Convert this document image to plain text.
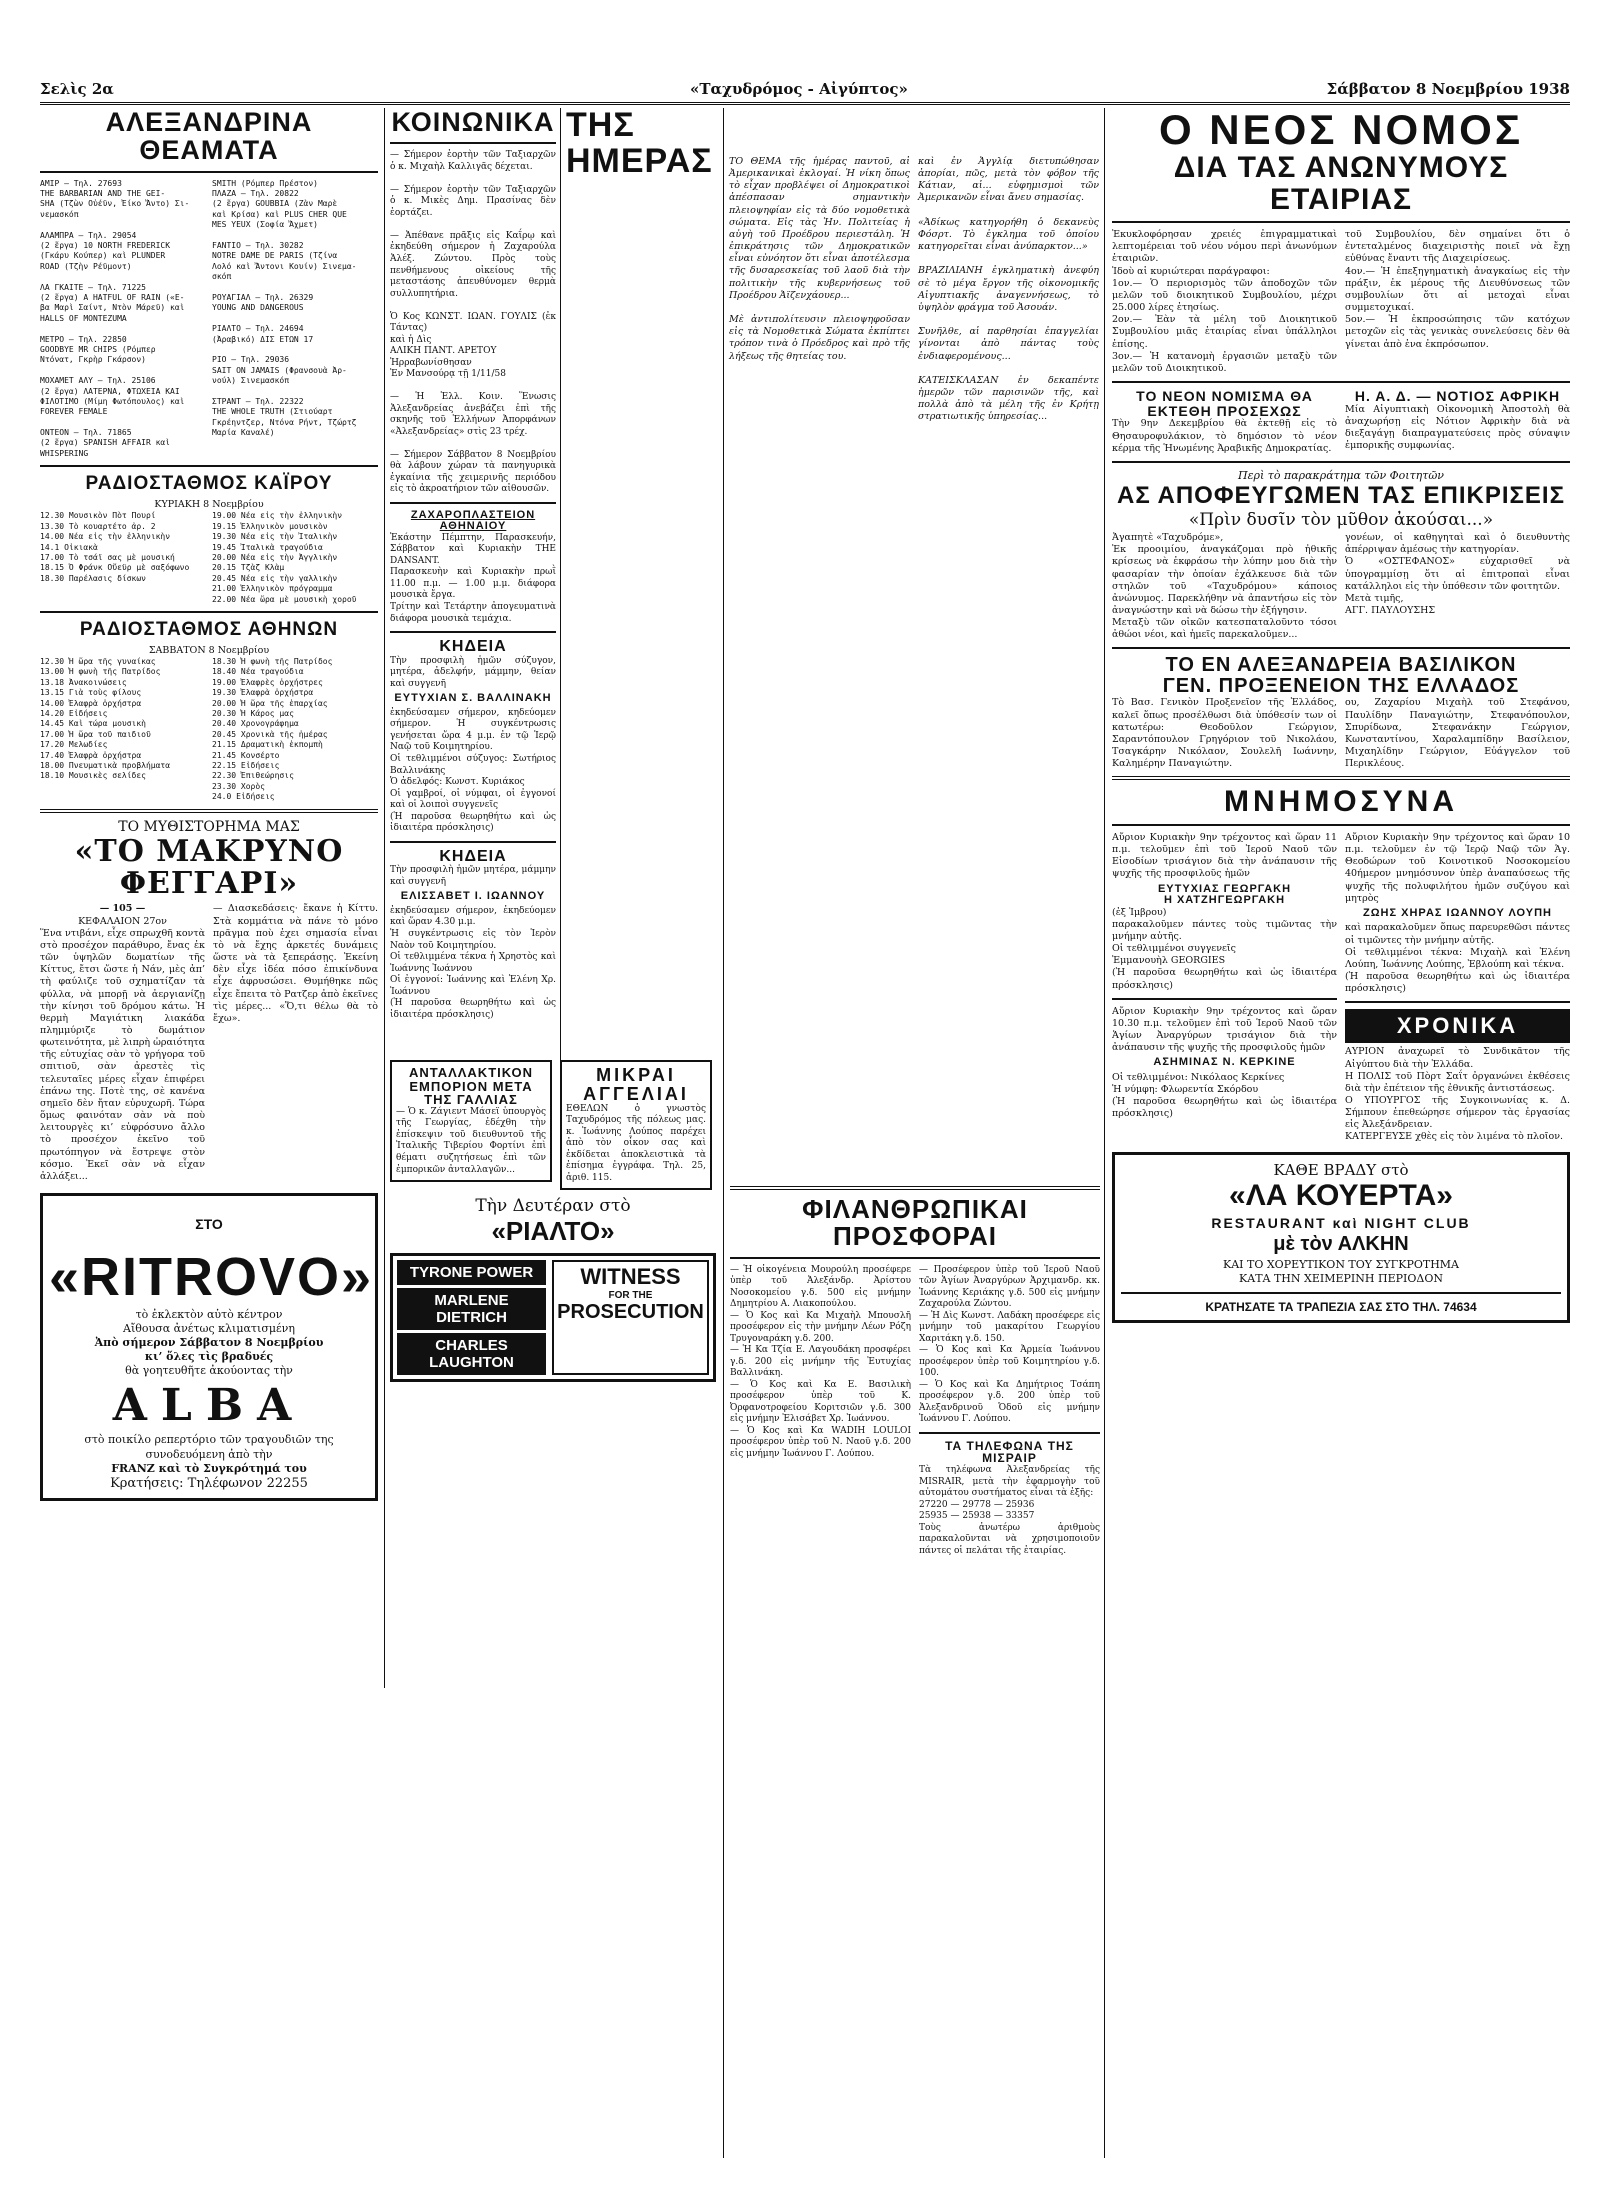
Σελὶς 2α	«Ταχυδρόμος - Αἰγύπτος»	Σάββατον 8 Νοεμβρίου 1938
ΑΛΕΞΑΝΔΡΙΝΑ ΘΕΑΜΑΤΑ

AMIP — Τηλ. 27693
THE BARBARIAN AND THE GEI-
SHA (Τζὼν Οὐέϋν, Ἐίκο Ἄντο) Σι-
νεμασκόπ

ΑΛΑΜΠΡΑ — Τηλ. 29054
(2 ἔργα) 10 NORTH FREDERICK
(Γκάρυ Κούπερ) καὶ PLUNDER
ROAD (Τζὴν Ρέϋμοντ)

ΛΑ ΓΚΑΙΤΕ — Τηλ. 71225
(2 ἔργα) A HATFUL OF RAIN («Ε-
βα Μαρὶ Σαίντ, Ντὸν Μάρεϋ) καὶ
HALLS OF MONTEZUMA

ΜΕΤΡΟ — Τηλ. 22850
GOODBYE MR CHIPS (Ρόμπερ
Ντόνατ, Γκρὴρ Γκάρσον)

ΜΟΧΑΜΕΤ ΑΛΥ — Τηλ. 25106
(2 ἔργα) ΛΑΤΕΡΝΑ, ΦΤΩΧΕΙΑ ΚΑΙ
ΦΙΛΟΤΙΜΟ (Μίμη Φωτόπουλος) καὶ
FOREVER FEMALE

ΟΝΤΕΟΝ — Τηλ. 71865
(2 ἔργα) SPANISH AFFAIR καὶ
WHISPERING

SMITH (Ρόμπερ Πρέστον)
ΠΛΑΖΑ — Τηλ. 20822
(2 ἔργα) GOUBBIA (Ζὰν Μαρὲ
καὶ Κρίσα) καὶ PLUS CHER QUE
MES YEUX (Σοφία Ἄχμετ)

FANTIO — Τηλ. 30282
NOTRE DAME DE PARIS (Τζίνα
Λολό καὶ Ἄντονι Κουίν) Σινεμα-
σκόπ

ΡΟΥΑΓΙΑΛ — Τηλ. 26329
YOUNG AND DANGEROUS

ΡΙΑΛΤΟ — Τηλ. 24694
(Ἀραβικό) ΔΙΣ ΕΤΩΝ 17

ΡΙΟ — Τηλ. 29036
SAIT ON JAMAIS (Φρανσουὰ Ἀρ-
νούλ) Σινεμασκόπ

ΣΤΡΑΝΤ — Τηλ. 22322
THE WHOLE TRUTH (Στιούαρτ
Γκρέηντζερ, Ντόνα Ρήντ, Τζώρτζ
Μαρία Καναλέ)

ΡΑΔΙΟΣΤΑΘΜΟΣ ΚΑΪΡΟΥ

ΚΥΡΙΑΚΗ 8 Νοεμβρίου

12.30 Μουσικὸν Πὸτ Πουρί
13.30 Τὸ κουαρτέτο ἀρ. 2
14.00 Νέα εἰς τὴν ἑλληνικὴν
14.1 Οἰκιακὰ
17.00 Τὸ τσάϊ σας μὲ μουσική
18.15 Ὀ Φράνκ Οὔεϋρ μὲ σαξόφωνο
18.30 Παρέλασις δίσκων

19.00 Νέα εἰς τὴν ἑλληνικὴν
19.15 Ἑλληνικὸν μουσικὸν
19.30 Νέα εἰς τὴν Ἰταλικὴν
19.45 Ἰταλικὰ τραγούδια
20.00 Νέα εἰς τὴν Ἀγγλικὴν
20.15 Τζὰζ Κλὰμ
20.45 Νέα εἰς τὴν γαλλικὴν
21.00 Ἑλληνικὸν πρόγραμμα
22.00 Νέα ὥρα μὲ μουσικὴ χοροῦ

ΡΑΔΙΟΣΤΑΘΜΟΣ ΑΘΗΝΩΝ

ΣΑΒΒΑΤΟΝ 8 Νοεμβρίου

12.30 Ἡ ὥρα τῆς γυναίκας
13.00 Ἡ φωνὴ τῆς Πατρίδος
13.18 Ἀνακοινώσεις
13.15 Γιὰ τοὺς φίλους
14.00 Ἐλαφρὰ ὀρχήστρα
14.20 Εἰδήσεις
14.45 Καὶ τώρα μουσικὴ
17.00 Ἡ ὥρα τοῦ παιδιοῦ
17.20 Μελωδίες
17.40 Ἐλαφρὰ ὀρχήστρα
18.00 Πνευματικὰ προβλήματα
18.10 Μουσικὲς σελίδες

18.30 Ἡ φωνὴ τῆς Πατρίδος
18.40 Νέα τραγούδια
19.00 Ἐλαφρὲς ὀρχήστρες
19.30 Ἐλαφρὰ ὀρχήστρα
20.00 Ἡ ὥρα τῆς ἐπαρχίας
20.30 Ἡ Κάρος μας
20.40 Χρονογράφημα
20.45 Χρονικὰ τῆς ἡμέρας
21.15 Δραματικὴ ἐκπομπὴ
21.45 Κονσέρτο
22.15 Εἰδήσεις
22.30 Ἐπιθεώρησις
23.30 Χορὸς
24.0 Εἰδήσεις

ΤΟ ΜΥΘΙΣΤΟΡΗΜΑ ΜΑΣ

«ΤΟ ΜΑΚΡΥΝΟ ΦΕΓΓΑΡΙ»

— 105 —

ΚΕΦΑΛΑΙΟΝ 27ον

Ἕνα ντιβάνι, εἶχε σπρωχθῆ κοντὰ στὸ προσέχον παράθυρο, ἔνας ἐκ τῶν ὑψηλῶν δωματίων τῆς Κίττυς, ἔτσι ὥστε ἡ Νάν, μὲς ἀπ’ τὴ φαύλιζε τοῦ σχηματίζαν τὰ φύλλα, νὰ μπορῇ νὰ ἀεργιανίζῃ τὴν κίνησι τοῦ δρόμου κάτω. Ἡ θερμὴ Μαγιάτικη λιακάδα πλημμύριζε τὸ δωμάτιον φωτεινότητα, μὲ λιπρὴ ὠραιότητα τῆς εὐτυχίας σὰν τὸ γρήγορα τοῦ σπιτιοῦ, σὰν ἀρεστὲς τὶς τελευταῖες μέρες εἶχαν ἐπιφέρει ἐπάνω της. Ποτὲ της, σὲ κανένα σημεῖο δὲν ἤταν εὐρυχωρῆ. Τώρα ὅμως φαινόταν σὰν νὰ ποὺ λειτουργὲς κι’ εὐφρόσυνο ἄλλο τὸ προσέχον ἐκεῖνο τοῦ πρωτόπηγον νὰ ἔστρεψε στὸν κόσμο. Ἐκεῖ σὰν νὰ εἶχαν ἀλλάξει...

— Διασκεδάσεις· ἔκανε ἡ Κίττυ. Στὰ κομμάτια νὰ πάνε τὸ μόνο πρᾶγμα ποὺ ἐχει σημασία εἶναι τὸ νὰ ἔχης ἀρκετές δυνάμεις ὥστε νὰ τὰ ξεπεράσῃς. Ἐκείνη δὲν εἶχε ἰδέα πόσο ἐπικίνδυνα εἶχε ἀφρυσώσει. Θυμήθηκε πῶς εἶχε ἔπειτα τὸ Ρατζερ ἀπὸ ἐκεῖνες τὶς μέρες... «Ὅ,τι θέλω θὰ τὸ ἔχω».

ΣΤΟ

«RITROVO»

τὸ ἐκλεκτὸν αὐτὸ κέντρον
Αἴθουσα ἀνέτως κλιματισμένη

Ἀπὸ σήμερον Σάββατον 8 Νοεμβρίου
κι’ ὅλες τὶς βραδυές

θὰ γοητευθῆτε ἀκούοντας τὴν

ALBA

στὸ ποικίλο ρεπερτόριο τῶν τραγουδιῶν της
συνοδευόμενη ἀπὸ τὴν

FRANZ καὶ τὸ Συγκρότημά του

Κρατήσεις: Τηλέφωνον 22255

ΚΟΙΝΩΝΙΚΑ

— Σήμερον ἑορτὴν τῶν Ταξιαρχῶν ὁ κ. Μιχαὴλ Καλλιγᾶς δέχεται.

— Σήμερον ἑορτὴν τῶν Ταξιαρχῶν ὁ κ. Μικὲς Δημ. Πρασίνας δὲν ἑορτάζει.

— Ἀπέθανε πρᾶξις εἰς Καΐρῳ καὶ ἐκηδεύθη σήμερον ἡ Ζαχαρούλα Ἀλέξ. Ζώντου. Πρὸς τοὺς πενθήμενους οἰκείους τῆς μεταστάσης ἀπευθύνομεν θερμὰ συλλυπητήρια.

Ὁ Κος ΚΩΝΣΤ. ΙΩΑΝ. ΓΟΥΛΙΣ (ἐκ Τάντας)
καὶ ἡ Δὶς
ΑΛΙΚΗ ΠΑΝΤ. ΑΡΕΤΟΥ
Ἡρραβωνίσθησαν
Ἐν Μανσούρᾳ τῇ 1/11/58

— Ἡ Ἑλλ. Κοιν. Ἕνωσις Ἀλεξανδρείας ἀνεβάζει ἐπὶ τῆς σκηνῆς τοῦ Ἑλλήνων Ἀπορφάνων «Ἀλεξανδρείας» στὶς 23 τρέχ.

— Σήμερον Σάββατον 8 Νοεμβρίου θὰ λάβουν χώραν τὰ πανηγυρικὰ ἐγκαίνια τῆς χειμερινῆς περιόδου εἰς τὸ ἀκροατήριον τῶν αἰθουσῶν.

ΖΑΧΑΡΟΠΛΑΣΤΕΙΟΝ ΑΘΗΝΑΙΟΥ

Ἑκάστην Πέμπτην, Παρασκευήν, Σάββατον καὶ Κυριακὴν THE DANSANT.
Παρασκευὴν καὶ Κυριακὴν πρωῒ 11.00 π.μ. — 1.00 μ.μ. διάφορα μουσικὰ ἔργα.
Τρίτην καὶ Τετάρτην ἀπογευματινὰ διάφορα μουσικὰ τεμάχια.

ΚΗΔΕΙΑ

Τὴν προσφιλὴ ἡμῶν σύζυγον, μητέρα, ἀδελφήν, μάμμην, θείαν καὶ συγγενῆ

ΕΥΤΥΧΙΑΝ Σ. ΒΑΛΛΙΝΑΚΗ

ἐκηδεύσαμεν σήμερον, κηδεύομεν σήμερον. Ἡ συγκέντρωσις γενήσεται ὥρα 4 μ.μ. ἐν τῷ Ἱερῷ Ναῷ τοῦ Κοιμητηρίου.
Οἱ τεθλιμμένοι σύζυγος: Σωτήριος Βαλλινάκης
Ὁ ἀδελφός: Κωνστ. Κυριάκος
Οἱ γαμβροί, οἱ νύμφαι, οἱ ἐγγονοί καὶ οἱ λοιποὶ συγγενεῖς
(Ἡ παροῦσα θεωρηθήτω καὶ ὡς ἰδιαιτέρα πρόσκλησις)

ΚΗΔΕΙΑ

Τὴν προσφιλὴ ἡμῶν μητέρα, μάμμην καὶ συγγενῆ

ΕΛΙΣΣΑΒΕΤ Ι. ΙΩΑΝΝΟΥ

ἐκηδεύσαμεν σήμερον, ἐκηδεύομεν καὶ ὥραν 4.30 μ.μ.
Ἡ συγκέντρωσις εἰς τὸν Ἱερὸν Ναὸν τοῦ Κοιμητηρίου.
Οἱ τεθλιμμένα τέκνα ἡ Χρηστὸς καὶ Ἰωάννης Ἰωάννου
Οἱ ἐγγονοί: Ἰωάννης καὶ Ἑλένη Χρ. Ἰωάννου
(Ἡ παροῦσα θεωρηθήτω καὶ ὡς ἰδιαιτέρα πρόσκλησις)

ΤΗΣ ΗΜΕΡΑΣ	ΤΟ ΘΕΜΑ τῆς ἡμέρας παντοῦ, αἱ Ἀμερικανικαὶ ἐκλογαί. Ἡ νίκη ὅπως τὸ εἶχαν προβλέψει οἱ Δημοκρατικοὶ ἀπέσπασαν σημαντικὴν πλειοψηφίαν εἰς τὰ δύο νομοθετικὰ σώματα. Εἰς τὰς Ἡν. Πολιτείας ἡ αὐγὴ τοῦ Προέδρου περιεστάλη. Ἡ ἐπικράτησις τῶν Δημοκρατικῶν εἶναι εὐνόητον ὅτι εἶναι ἀποτέλεσμα τῆς δυσαρεσκείας τοῦ λαοῦ διὰ τὴν πολιτικὴν τῆς κυβερνήσεως τοῦ Προέδρου Ἀϊζενχάουερ...

Μὲ ἀντιπολίτευσιν πλειοψηφοῦσαν εἰς τὰ Νομοθετικὰ Σώματα ἐκπίπτει τρόπον τινὰ ὁ Πρόεδρος καὶ πρὸ τῆς λήξεως τῆς θητείας του.

καὶ ἐν Ἀγγλίᾳ διετυπώθησαν ἀπορίαι, πῶς, μετὰ τὸν φόβον τῆς Κάτιαν, αἱ... εὐφημισμοὶ τῶν Ἀμερικανῶν εἶναι ἄνευ σημασίας.

«Ἀδίκως κατηγορήθη ὁ δεκανεὺς Φόσρτ. Τὸ ἐγκλημα τοῦ ὁποίου κατηγορεῖται εἶναι ἀνύπαρκτον...»

ΒΡΑΖΙΛΙΑΝΗ ἐγκληματικὴ ἀνεφύη σὲ τὸ μέγα ἔργον τῆς οἰκονομικῆς Αἰγυπτιακῆς ἀναγεννήσεως, τὸ ὑψηλὸν φράγμα τοῦ Ἀσουάν.

Συνῆλθε, αἱ παρθησίαι ἐπαγγελίαι γίνονται ἀπὸ πάντας τοὺς ἐνδιαφερομένους...

ΚΑΤΕΙΣΚΛΑΣΑΝ ἐν δεκαπέντε ἡμερῶν τῶν παρισινῶν τῆς, καὶ πολλὰ ἀπὸ τὰ μέλη τῆς ἐν Κρήτῃ στρατιωτικῆς ὑπηρεσίας...

ΑΝΤΑΛΛΑΚΤΙΚΟΝ ΕΜΠΟΡΙΟΝ ΜΕΤΑ ΤΗΣ ΓΑΛΛΙΑΣ

— Ὁ κ. Ζάγιεντ Μάσεϊ ὑπουργὸς τῆς Γεωργίας, ἐδέχθη τὴν ἐπίσκεψιν τοῦ διευθυντοῦ τῆς Ἰταλικῆς Τιβερίου Φορτίνι ἐπὶ θέματι συζητήσεως ἐπὶ τῶν ἐμπορικῶν ἀνταλλαγῶν...

ΜΙΚΡΑΙ ΑΓΓΕΛΙΑΙ

ΕΘΕΛΩΝ ὁ γνωστὸς Ταχυδρόμος τῆς πόλεως μας. κ. Ἰωάννης Λούπος παρέχει ἀπὸ τὸν οἶκον σας καὶ ἐκδίδεται ἀποκλειστικὰ τὰ ἐπίσημα ἐγγράφα. Τηλ. 25, ἀριθ. 115.

Τὴν Δευτέραν στὸ

«ΡΙΑΛΤΟ»

TYRONE POWER
MARLENE DIETRICH
CHARLES LAUGHTON
WITNESS
FOR THE
PROSECUTION
ΦΙΛΑΝΘΡΩΠΙΚΑΙ ΠΡΟΣΦΟΡΑΙ

— Ἡ οἰκογένεια Μουρούλη προσέφερε ὑπὲρ τοῦ Ἀλεξάνδρ. Ἀρίστου Νοσοκομείου γ.δ. 500 εἰς μνήμην Δημητρίου Α. Λιακοπούλου.
— Ὁ Κος καὶ Κα Μιχαὴλ Μπουσλῆ προσέφερον εἰς τὴν μνήμην Λέων Ρόζη Τρυγοναράκη γ.δ. 200.
— Ἡ Κα Τζία Ε. Λαγουδάκη προσφέρει γ.δ. 200 εἰς μνήμην τῆς Ἐυτυχίας Βαλλινάκη.
— Ὁ Κος καὶ Κα Ε. Βασιλικὴ προσέφερον ὑπὲρ τοῦ Κ. Ὀρφανοτροφείου Κοριτσιῶν γ.δ. 300 εἰς μνήμην Ἐλισάβετ Χρ. Ἰωάννου.
— Ὁ Κος καὶ Κα WADIH LOULOI προσέφερον ὑπὲρ τοῦ Ν. Ναοῦ γ.δ. 200 εἰς μνήμην Ἰωάννου Γ. Λούπου.

— Προσέφερον ὑπὲρ τοῦ Ἱεροῦ Ναοῦ τῶν Ἁγίων Ἀναργύρων Ἀρχιμανδρ. κκ. Ἰωάννης Κεριάκης γ.δ. 500 εἰς μνήμην Ζαχαρούλα Ζώντου.
— Ἡ Δὶς Κωνστ. Λαδάκη προσέφερε εἰς μνήμην τοῦ μακαρίτου Γεωργίου Χαριτάκη γ.δ. 150.
— Ὁ Κος καὶ Κα Ἀρμεία Ἰωάννου προσέφερον ὑπὲρ τοῦ Κοιμητηρίου γ.δ. 100.
— Ὁ Κος καὶ Κα Δημήτριος Τσάπη προσέφερον γ.δ. 200 ὑπὲρ τοῦ Ἀλεξανδρινοῦ Ὁδοῦ εἰς μνήμην Ἰωάννου Γ. Λούπου.

ΤΑ ΤΗΛΕΦΩΝΑ ΤΗΣ ΜΙΣΡΑΙΡ

Τὰ τηλέφωνα Ἀλεξανδρείας τῆς MISRAIR, μετὰ τὴν ἐφαρμογὴν τοῦ αὐτομάτου συστήματος εἶναι τὰ ἑξῆς:
27220 — 29778 — 25936
25935 — 25938 — 33357
Τοὺς ἀνωτέρω ἀριθμοὺς παρακαλοῦνται νὰ χρησιμοποιοῦν πάντες οἱ πελάται τῆς ἑταιρίας.

Ο ΝΕΟΣ ΝΟΜΟΣ
ΔΙΑ ΤΑΣ ΑΝΩΝΥΜΟΥΣ ΕΤΑΙΡΙΑΣ

Ἐκυκλοφόρησαν χρειές ἐπιγραμματικαὶ λεπτομέρειαι τοῦ νέου νόμου περὶ ἀνωνύμων ἑταιριῶν.
Ἰδοὺ αἱ κυριώτεραι παράγραφοι:
1ον.— Ὁ περιορισμὸς τῶν ἀποδοχῶν τῶν μελῶν τοῦ διοικητικοῦ Συμβουλίου, μέχρι 25.000 λίρες ἐτησίως.
2ον.— Ἐὰν τὰ μέλη τοῦ Διοικητικοῦ Συμβουλίου μιᾶς ἑταιρίας εἶναι ὑπάλληλοι ἐπίσης.
3ον.— Ἡ κατανομὴ ἐργασιῶν μεταξὺ τῶν μελῶν τοῦ Διοικητικοῦ.

τοῦ Συμβουλίου, δὲν σημαίνει ὅτι ὁ ἐντεταλμένος διαχειριστὴς ποιεῖ νὰ ἔχῃ εὐθύνας ἔναντι τῆς Διαχειρίσεως.
4ον.— Ἡ ἐπεξηγηματικὴ ἀναγκαίως εἰς τὴν πράξιν, ἐκ μέρους τῆς Διευθύνσεως τῶν συμβουλίων ὅτι αἱ μετοχαὶ εἶναι συμμετοχικαί.
5ον.— Ἡ ἐκπροσώπησις τῶν κατόχων μετοχῶν εἰς τὰς γενικὰς συνελεύσεις δὲν θὰ γίνεται ἀπὸ ἑνα ἐκπρόσωπον.

ΤΟ ΝΕΟΝ ΝΟΜΙΣΜΑ ΘΑ ΕΚΤΕΘΗ ΠΡΟΣΕΧΩΣ

Τὴν 9ην Δεκεμβρίου θὰ ἐκτεθῇ εἰς τὸ Θησαυροφυλάκιον, τὸ δημόσιον τὸ νέον κέρμα τῆς Ἡνωμένης Ἀραβικῆς Δημοκρατίας.

Η. Α. Δ. — ΝΟΤΙΟΣ ΑΦΡΙΚΗ

Μία Αἰγυπτιακὴ Οἰκονομικὴ Ἀποστολὴ θὰ ἀναχωρήσῃ εἰς Νότιον Ἀφρικὴν διὰ νὰ διεξαγάγῃ διαπραγματεύσεις πρὸς σύναψιν ἐμπορικῆς συμφωνίας.

Περὶ τὸ παρακράτημα τῶν Φοιτητῶν

ΑΣ ΑΠΟΦΕΥΓΩΜΕΝ ΤΑΣ ΕΠΙΚΡΙΣΕΙΣ

«Πρὶν δυσῖν τὸν μῦθον ἀκούσαι...»

Ἀγαπητὲ «Ταχυδρόμε»,
Ἐκ προοιμίου, ἀναγκάζομαι πρὸ ἠθικῆς κρίσεως νὰ ἐκφράσω τὴν λύπην μου διὰ τὴν φασαρίαν τὴν ὁποίαν ἐχάλκευσε διὰ τῶν στηλῶν τοῦ «Ταχυδρόμου» κάποιος ἀνώνυμος. Παρεκλήθην νὰ ἀπαντήσω εἰς τὸν ἀναγνώστην καὶ νὰ δώσω τὴν ἐξήγησιν.
Μεταξὺ τῶν οἰκῶν κατεσπαταλοῦντο τόσοι ἀθώοι νέοι, καὶ ἡμεῖς παρεκαλοῦμεν...

γονέων, οἱ καθηγηταὶ καὶ ὁ διευθυντὴς ἀπέρριψαν ἀμέσως τὴν κατηγορίαν.
Ὁ «ΟΣΤΕΦΑΝΟΣ» εὐχαρισθεῖ νὰ ὑπογραμμίσῃ ὅτι αἱ ἐπιτροπαὶ εἶναι κατάλληλοι εἰς τὴν ὑπόθεσιν τῶν φοιτητῶν.
Μετὰ τιμῆς,
ΑΓΓ. ΠΑΥΛΟΥΣΗΣ

ΤΟ ΕΝ ΑΛΕΞΑΝΔΡΕΙΑ ΒΑΣΙΛΙΚΟΝ
ΓΕΝ. ΠΡΟΞΕΝΕΙΟΝ ΤΗΣ ΕΛΛΑΔΟΣ

Τὸ Βασ. Γενικὸν Προξενεῖον τῆς Ἑλλάδος, καλεῖ ὅπως προσέλθωσι διὰ ὑπόθεσίν των οἱ κατωτέρω: Θεοδοῦλον Γεώργιον, Σαραντόπουλον Γρηγόριον τοῦ Νικολάου, Τσαγκάρην Νικόλαον, Σουλελῆ Ιωάννην, Καλημέρην Παναγιώτην.

ου, Ζαχαρίου Μιχαὴλ τοῦ Στεφάνου, Παυλίδην Παναγιώτην, Στεφανόπουλον, Σπυρίδωνα, Στεφανάκην Γεώργιον, Κωνσταντίνου, Χαραλαμπίδην Βασίλειον, Μιχαηλίδην Γεώργιον, Εὐάγγελον τοῦ Περικλέους.

ΜΝΗΜΟΣΥΝΑ

Αὔριον Κυριακὴν 9ην τρέχοντος καὶ ὥραν 11 π.μ. τελοῦμεν ἐπὶ τοῦ Ἱεροῦ Ναοῦ τῶν Εἰσοδίων τρισάγιον διὰ τὴν ἀνάπαυσιν τῆς ψυχῆς τῆς προσφιλοῦς ἡμῶν

ΕΥΤΥΧΙΑΣ ΓΕΩΡΓΑΚΗ

Η ΧΑΤΖΗΓΕΩΡΓΑΚΗ

(ἐξ Ἰμβρου)
παρακαλοῦμεν πάντες τοὺς τιμῶντας τὴν μνήμην αὐτῆς.
Οἱ τεθλιμμένοι συγγενεῖς
Ἐμμανουὴλ GEORGIES
(Ἡ παροῦσα θεωρηθήτω καὶ ὡς ἰδιαιτέρα πρόσκλησις)

Αὔριον Κυριακὴν 9ην τρέχοντος καὶ ὥραν 10.30 π.μ. τελοῦμεν ἐπὶ τοῦ Ἱεροῦ Ναοῦ τῶν Ἁγίων Ἀναργύρων τρισάγιον διὰ τὴν ἀνάπαυσιν τῆς ψυχῆς τῆς προσφιλοῦς ἡμῶν

ΑΣΗΜΙΝΑΣ Ν. ΚΕΡΚΙΝΕ

Οἱ τεθλιμμένοι: Νικόλαος Κερκίνες
Ἡ νύμφη: Φλωρεντία Σκόρδου
(Ἡ παροῦσα θεωρηθήτω καὶ ὡς ἰδιαιτέρα πρόσκλησις)

Αὔριον Κυριακὴν 9ην τρέχοντος καὶ ὥραν 10 π.μ. τελοῦμεν ἐν τῷ Ἱερῷ Ναῷ τῶν Ἁγ. Θεοδώρων τοῦ Κοινοτικοῦ Νοσοκομείου 40ήμερον μνημόσυνον ὑπὲρ ἀναπαύσεως τῆς ψυχῆς τῆς πολυφιλήτου ἡμῶν συζύγου καὶ μητρὸς

ΖΩΗΣ ΧΗΡΑΣ ΙΩΑΝΝΟΥ ΛΟΥΠΗ

καὶ παρακαλοῦμεν ὅπως παρευρεθῶσι πάντες οἱ τιμῶντες τὴν μνήμην αὐτῆς.
Οἱ τεθλιμμένοι τέκνα: Μιχαὴλ καὶ Ἑλένη Λούπη, Ἰωάννης Λούπης, Ἐβλούπη καὶ τέκνα.
(Ἡ παροῦσα θεωρηθήτω καὶ ὡς ἰδιαιτέρα πρόσκλησις)

ΧΡΟΝΙΚΑ

ΑΥΡΙΟΝ ἀναχωρεῖ τὸ Συνδικᾶτον τῆς Αἰγύπτου διὰ τὴν Ἑλλάδα.
Η ΠΟΛΙΣ τοῦ Πὸρτ Σαΐτ ὀργανώνει ἐκθέσεις διὰ τὴν ἐπέτειον τῆς ἐθνικῆς ἀντιστάσεως.
Ο ΥΠΟΥΡΓΟΣ τῆς Συγκοινωνίας κ. Δ. Σήμπουν ἐπεθεώρησε σήμερον τὰς ἐργασίας εἰς Ἀλεξάνδρειαν.
ΚΑΤΕΡΓΕΥΣΕ χθὲς εἰς τὸν λιμένα τὸ πλοῖον.

ΚΑΘΕ ΒΡΑΔΥ στὸ

«ΛΑ ΚΟΥΕΡΤΑ»

RESTAURANT καὶ NIGHT CLUB

μὲ τὸν ΑΛΚΗΝ

ΚΑΙ ΤΟ ΧΟΡΕΥΤΙΚΟΝ ΤΟΥ ΣΥΓΚΡΟΤΗΜΑ
ΚΑΤΑ ΤΗΝ ΧΕΙΜΕΡΙΝΗ ΠΕΡΙΟΔΟΝ

ΚΡΑΤΗΣΑΤΕ ΤΑ ΤΡΑΠΕΖΙΑ ΣΑΣ ΣΤΟ ΤΗΛ. 74634
